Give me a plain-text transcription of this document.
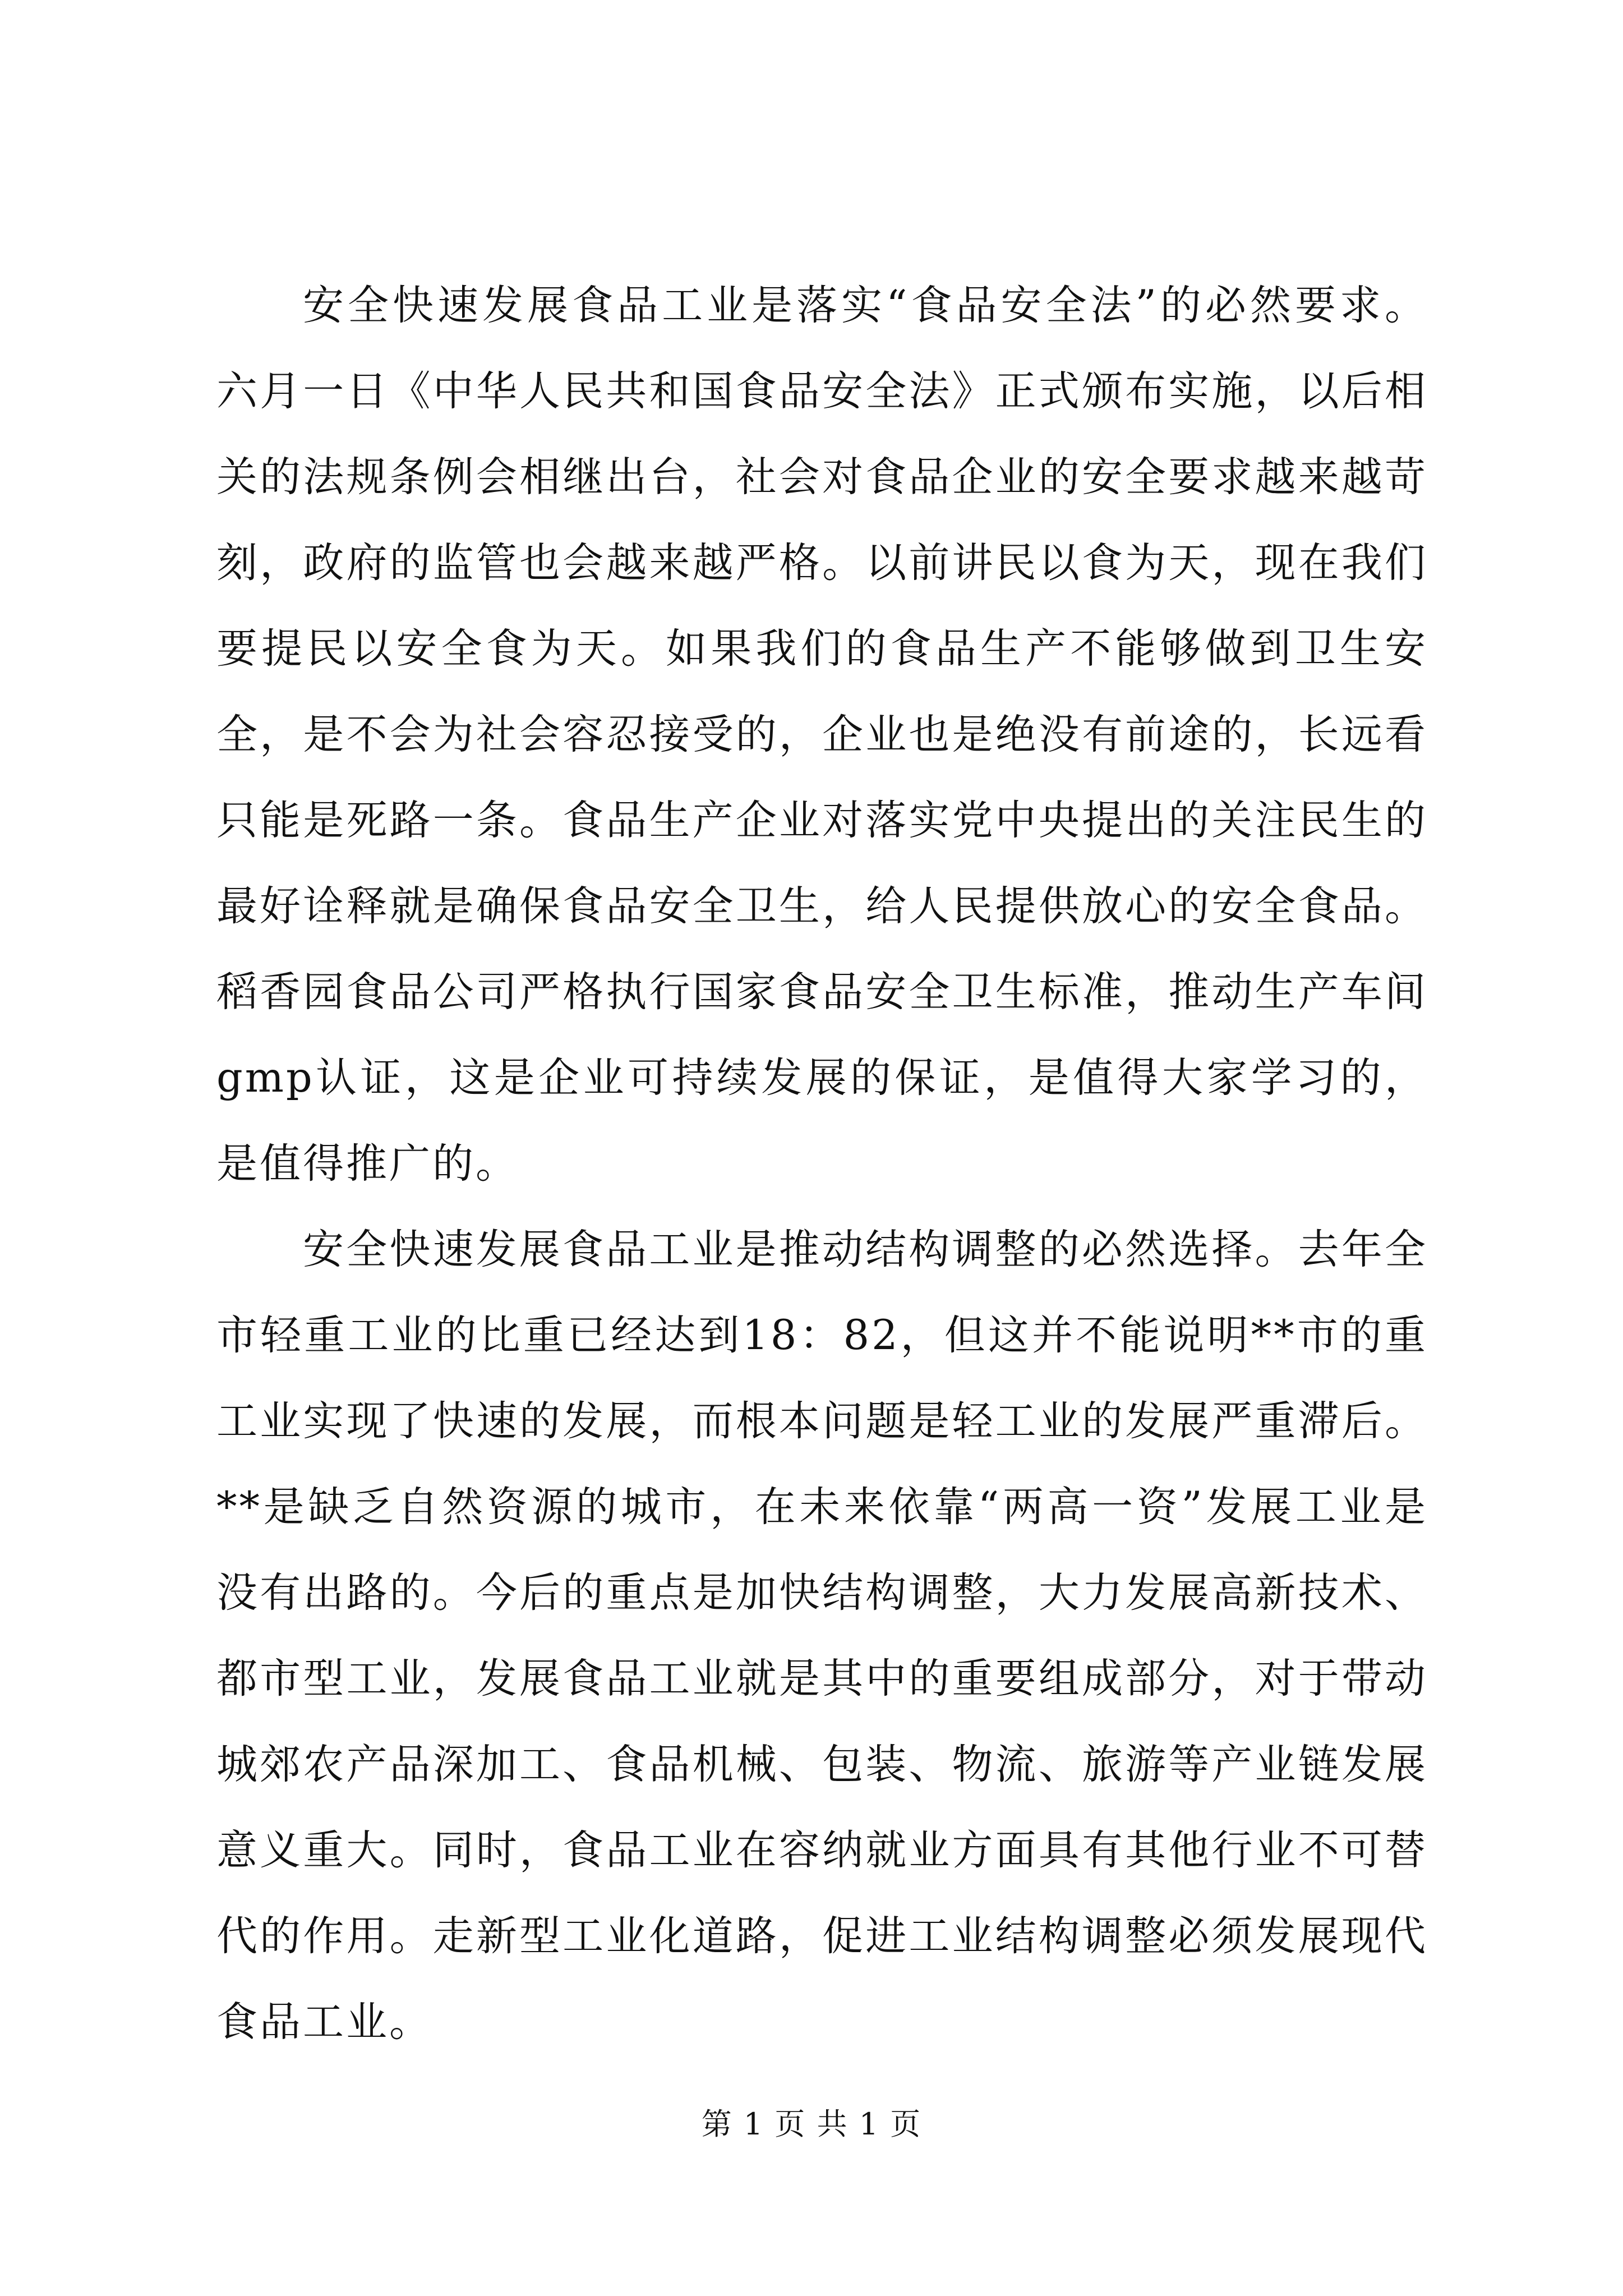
安全快速发展食品工业是落实“食品安全法”的必然要求。六月一日《中华人民共和国食品安全法》正式颁布实施，以后相关的法规条例会相继出台，社会对食品企业的安全要求越来越苛刻，政府的监管也会越来越严格。以前讲民以食为天，现在我们要提民以安全食为天。如果我们的食品生产不能够做到卫生安全，是不会为社会容忍接受的，企业也是绝没有前途的，长远看只能是死路一条。食品生产企业对落实党中央提出的关注民生的最好诠释就是确保食品安全卫生，给人民提供放心的安全食品。稻香园食品公司严格执行国家食品安全卫生标准，推动生产车间gmp认证，这是企业可持续发展的保证，是值得大家学习的，是值得推广的。

安全快速发展食品工业是推动结构调整的必然选择。去年全市轻重工业的比重已经达到18：82，但这并不能说明**市的重工业实现了快速的发展，而根本问题是轻工业的发展严重滞后。**是缺乏自然资源的城市，在未来依靠“两高一资”发展工业是没有出路的。今后的重点是加快结构调整，大力发展高新技术、都市型工业，发展食品工业就是其中的重要组成部分，对于带动城郊农产品深加工、食品机械、包装、物流、旅游等产业链发展意义重大。同时，食品工业在容纳就业方面具有其他行业不可替代的作用。走新型工业化道路，促进工业结构调整必须发展现代食品工业。

第 1 页 共 1 页
